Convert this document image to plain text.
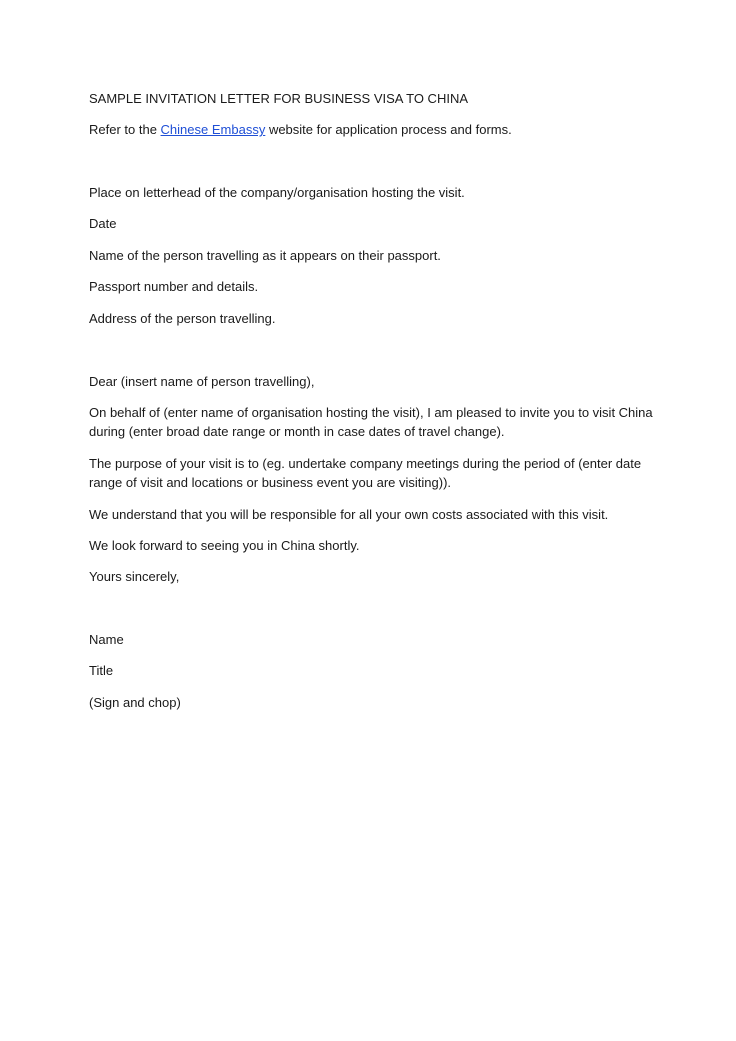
SAMPLE INVITATION LETTER FOR BUSINESS VISA TO CHINA

Refer to the Chinese Embassy website for application process and forms.

Place on letterhead of the company/organisation hosting the visit.

Date

Name of the person travelling as it appears on their passport.

Passport number and details.

Address of the person travelling.

Dear (insert name of person travelling),

On behalf of (enter name of organisation hosting the visit), I am pleased to invite you to visit China

during (enter broad date range or month in case dates of travel change).

The purpose of your visit is to (eg. undertake company meetings during the period of (enter date

range of visit and locations or business event you are visiting)).

We understand that you will be responsible for all your own costs associated with this visit.

We look forward to seeing you in China shortly.

Yours sincerely,

Name

Title

(Sign and chop)
